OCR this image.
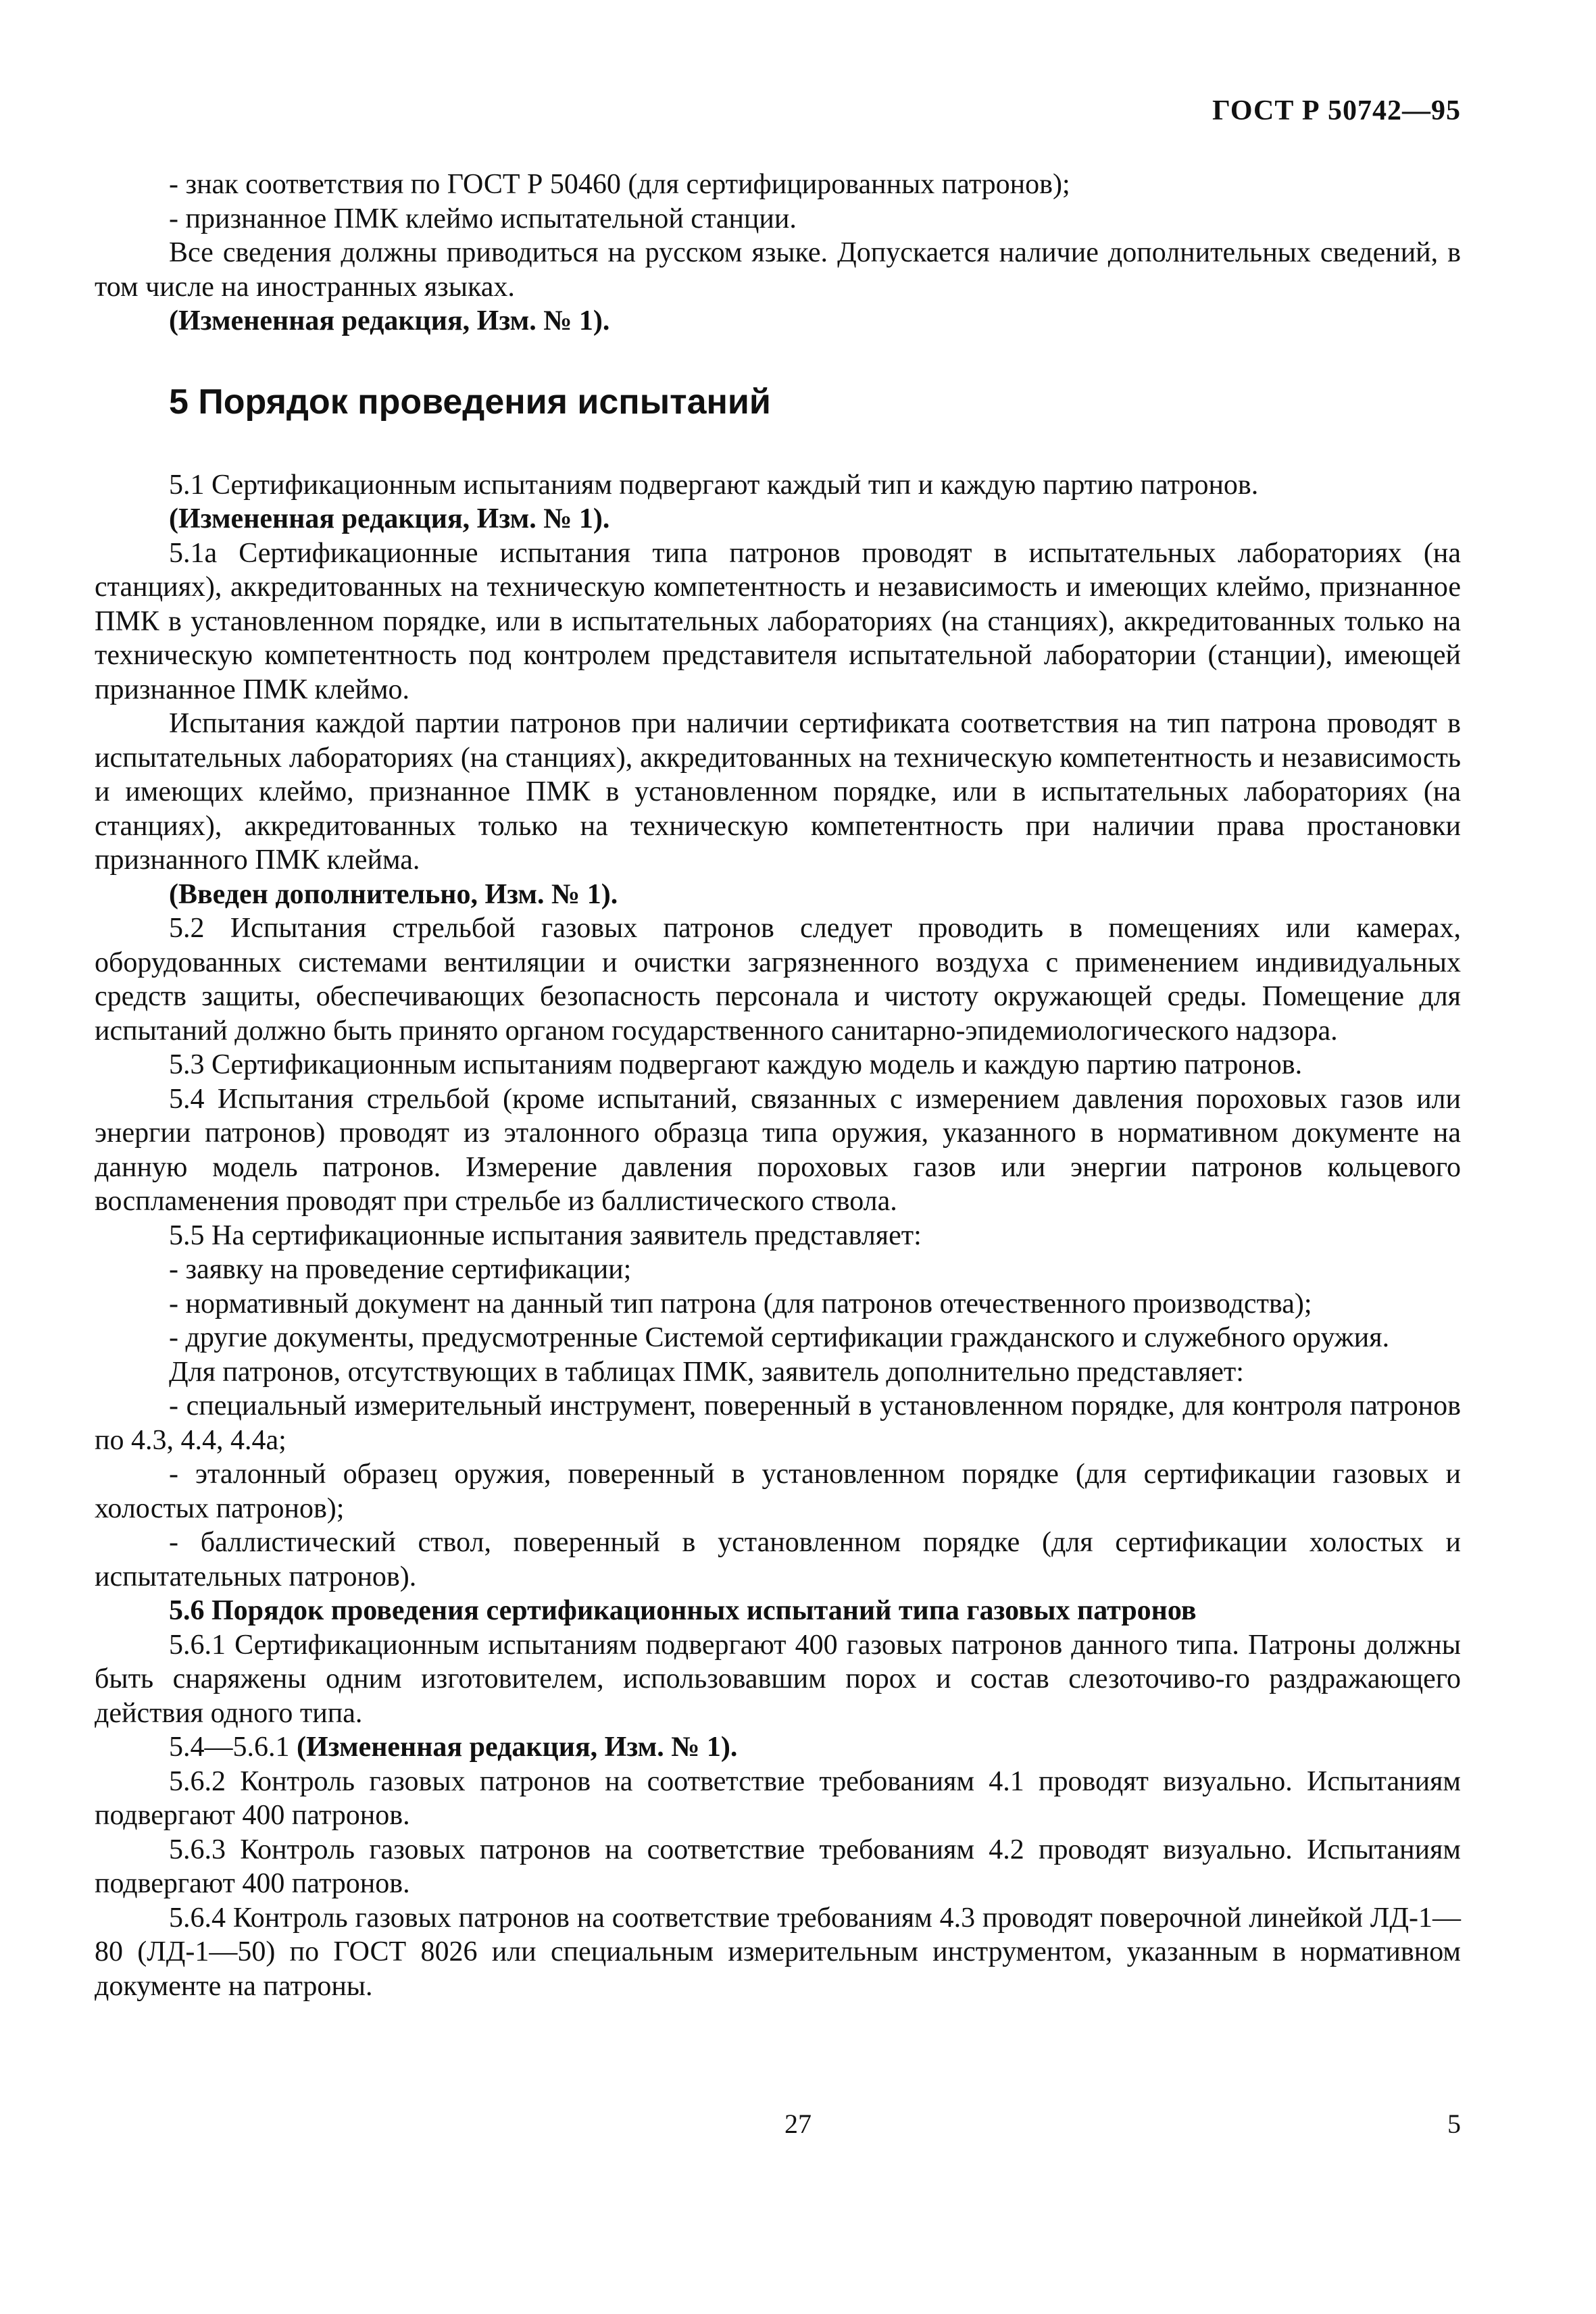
ГОСТ Р 50742—95

- знак соответствия по ГОСТ Р 50460 (для сертифицированных патронов);

- признанное ПМК клеймо испытательной станции.

Все сведения должны приводиться на русском языке. Допускается наличие дополнительных сведений, в том числе на иностранных языках.

(Измененная редакция, Изм. № 1).

5 Порядок проведения испытаний

5.1 Сертификационным испытаниям подвергают каждый тип и каждую партию патронов.

(Измененная редакция, Изм. № 1).

5.1а Сертификационные испытания типа патронов проводят в испытательных лабораториях (на станциях), аккредитованных на техническую компетентность и независимость и имеющих клеймо, признанное ПМК в установленном порядке, или в испытательных лабораториях (на станциях), аккредитованных только на техническую компетентность под контролем представителя испытательной лаборатории (станции), имеющей признанное ПМК клеймо.

Испытания каждой партии патронов при наличии сертификата соответствия на тип патрона проводят в испытательных лабораториях (на станциях), аккредитованных на техническую компетентность и независимость и имеющих клеймо, признанное ПМК в установленном порядке, или в испытательных лабораториях (на станциях), аккредитованных только на техническую компетентность при наличии права простановки признанного ПМК клейма.

(Введен дополнительно, Изм. № 1).

5.2 Испытания стрельбой газовых патронов следует проводить в помещениях или камерах, оборудованных системами вентиляции и очистки загрязненного воздуха с применением индивидуальных средств защиты, обеспечивающих безопасность персонала и чистоту окружающей среды. Помещение для испытаний должно быть принято органом государственного санитарно-эпидемиологического надзора.

5.3 Сертификационным испытаниям подвергают каждую модель и каждую партию патронов.

5.4 Испытания стрельбой (кроме испытаний, связанных с измерением давления пороховых газов или энергии патронов) проводят из эталонного образца типа оружия, указанного в нормативном документе на данную модель патронов. Измерение давления пороховых газов или энергии патронов кольцевого воспламенения проводят при стрельбе из баллистического ствола.

5.5 На сертификационные испытания заявитель представляет:

- заявку на проведение сертификации;

- нормативный документ на данный тип патрона (для патронов отечественного производства);

- другие документы, предусмотренные Системой сертификации гражданского и служебного оружия.

Для патронов, отсутствующих в таблицах ПМК, заявитель дополнительно представляет:

- специальный измерительный инструмент, поверенный в установленном порядке, для контроля патронов по 4.3, 4.4, 4.4а;

- эталонный образец оружия, поверенный в установленном порядке (для сертификации газовых и холостых патронов);

- баллистический ствол, поверенный в установленном порядке (для сертификации холостых и испытательных патронов).

5.6 Порядок проведения сертификационных испытаний типа газовых патронов

5.6.1 Сертификационным испытаниям подвергают 400 газовых патронов данного типа. Патроны должны быть снаряжены одним изготовителем, использовавшим порох и состав слезоточиво-го раздражающего действия одного типа.

5.4—5.6.1 (Измененная редакция, Изм. № 1).

5.6.2 Контроль газовых патронов на соответствие требованиям 4.1 проводят визуально. Испытаниям подвергают 400 патронов.

5.6.3 Контроль газовых патронов на соответствие требованиям 4.2 проводят визуально. Испытаниям подвергают 400 патронов.

5.6.4 Контроль газовых патронов на соответствие требованиям 4.3 проводят поверочной линейкой ЛД-1—80 (ЛД-1—50) по ГОСТ 8026 или специальным измерительным инструментом, указанным в нормативном документе на патроны.

27	5
